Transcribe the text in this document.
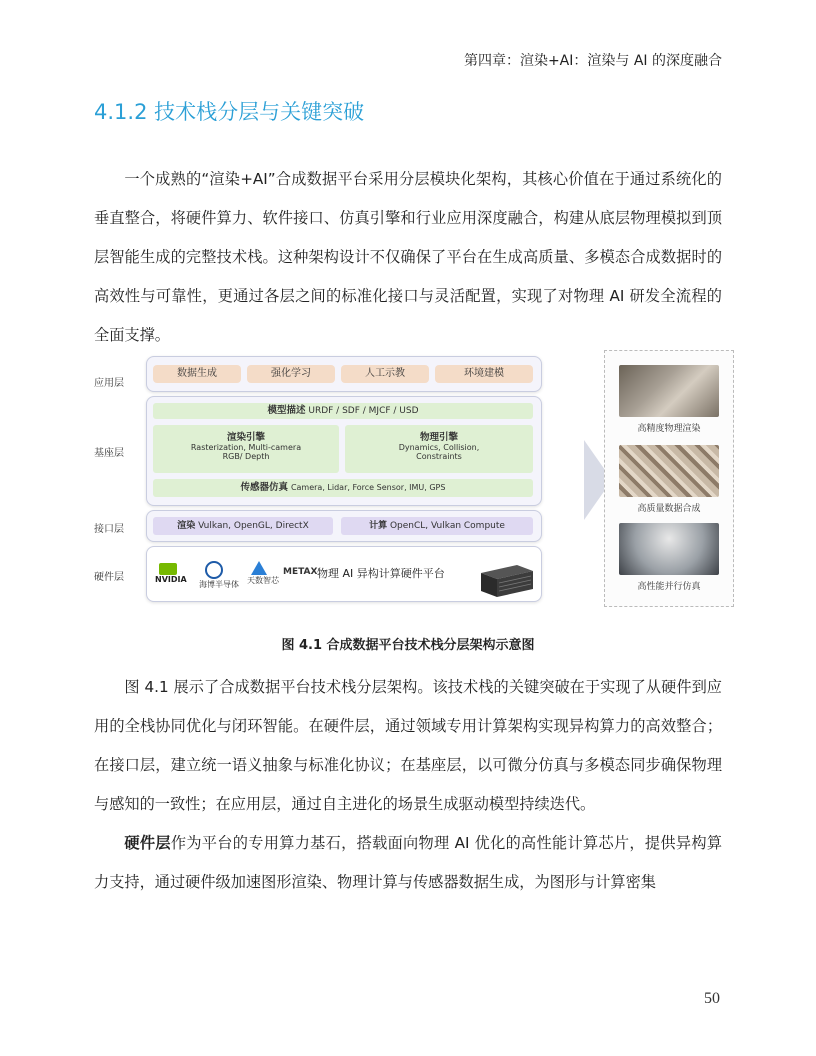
第四章：渲染+AI：渲染与 AI 的深度融合
4.1.2 技术栈分层与关键突破

一个成熟的“渲染+AI”合成数据平台采用分层模块化架构，其核心价值在于通过系统化的垂直整合，将硬件算力、软件接口、仿真引擎和行业应用深度融合，构建从底层物理模拟到顶层智能生成的完整技术栈。这种架构设计不仅确保了平台在生成高质量、多模态合成数据时的高效性与可靠性，更通过各层之间的标准化接口与灵活配置，实现了对物理 AI 研发全流程的全面支撑。

应用层
基座层
接口层
硬件层
数据生成	强化学习	人工示教	环境建模
模型描述 URDF / SDF / MJCF / USD
渲染引擎
Rasterization, Multi-camera
RGB/ Depth
物理引擎
Dynamics, Collision,
Constraints
传感器仿真 Camera, Lidar, Force Sensor, IMU, GPS
渲染 Vulkan, OpenGL, DirectX	计算 OpenCL, Vulkan Compute
NVIDIA
海博半导体 天数智芯
METAX 物理 AI 异构计算硬件平台
高精度物理渲染
高质量数据合成
高性能并行仿真
图 4.1 合成数据平台技术栈分层架构示意图

图 4.1 展示了合成数据平台技术栈分层架构。该技术栈的关键突破在于实现了从硬件到应用的全栈协同优化与闭环智能。在硬件层，通过领域专用计算架构实现异构算力的高效整合；在接口层，建立统一语义抽象与标准化协议；在基座层，以可微分仿真与多模态同步确保物理与感知的一致性；在应用层，通过自主进化的场景生成驱动模型持续迭代。

硬件层作为平台的专用算力基石，搭载面向物理 AI 优化的高性能计算芯片，提供异构算力支持，通过硬件级加速图形渲染、物理计算与传感器数据生成，为图形与计算密集

50
